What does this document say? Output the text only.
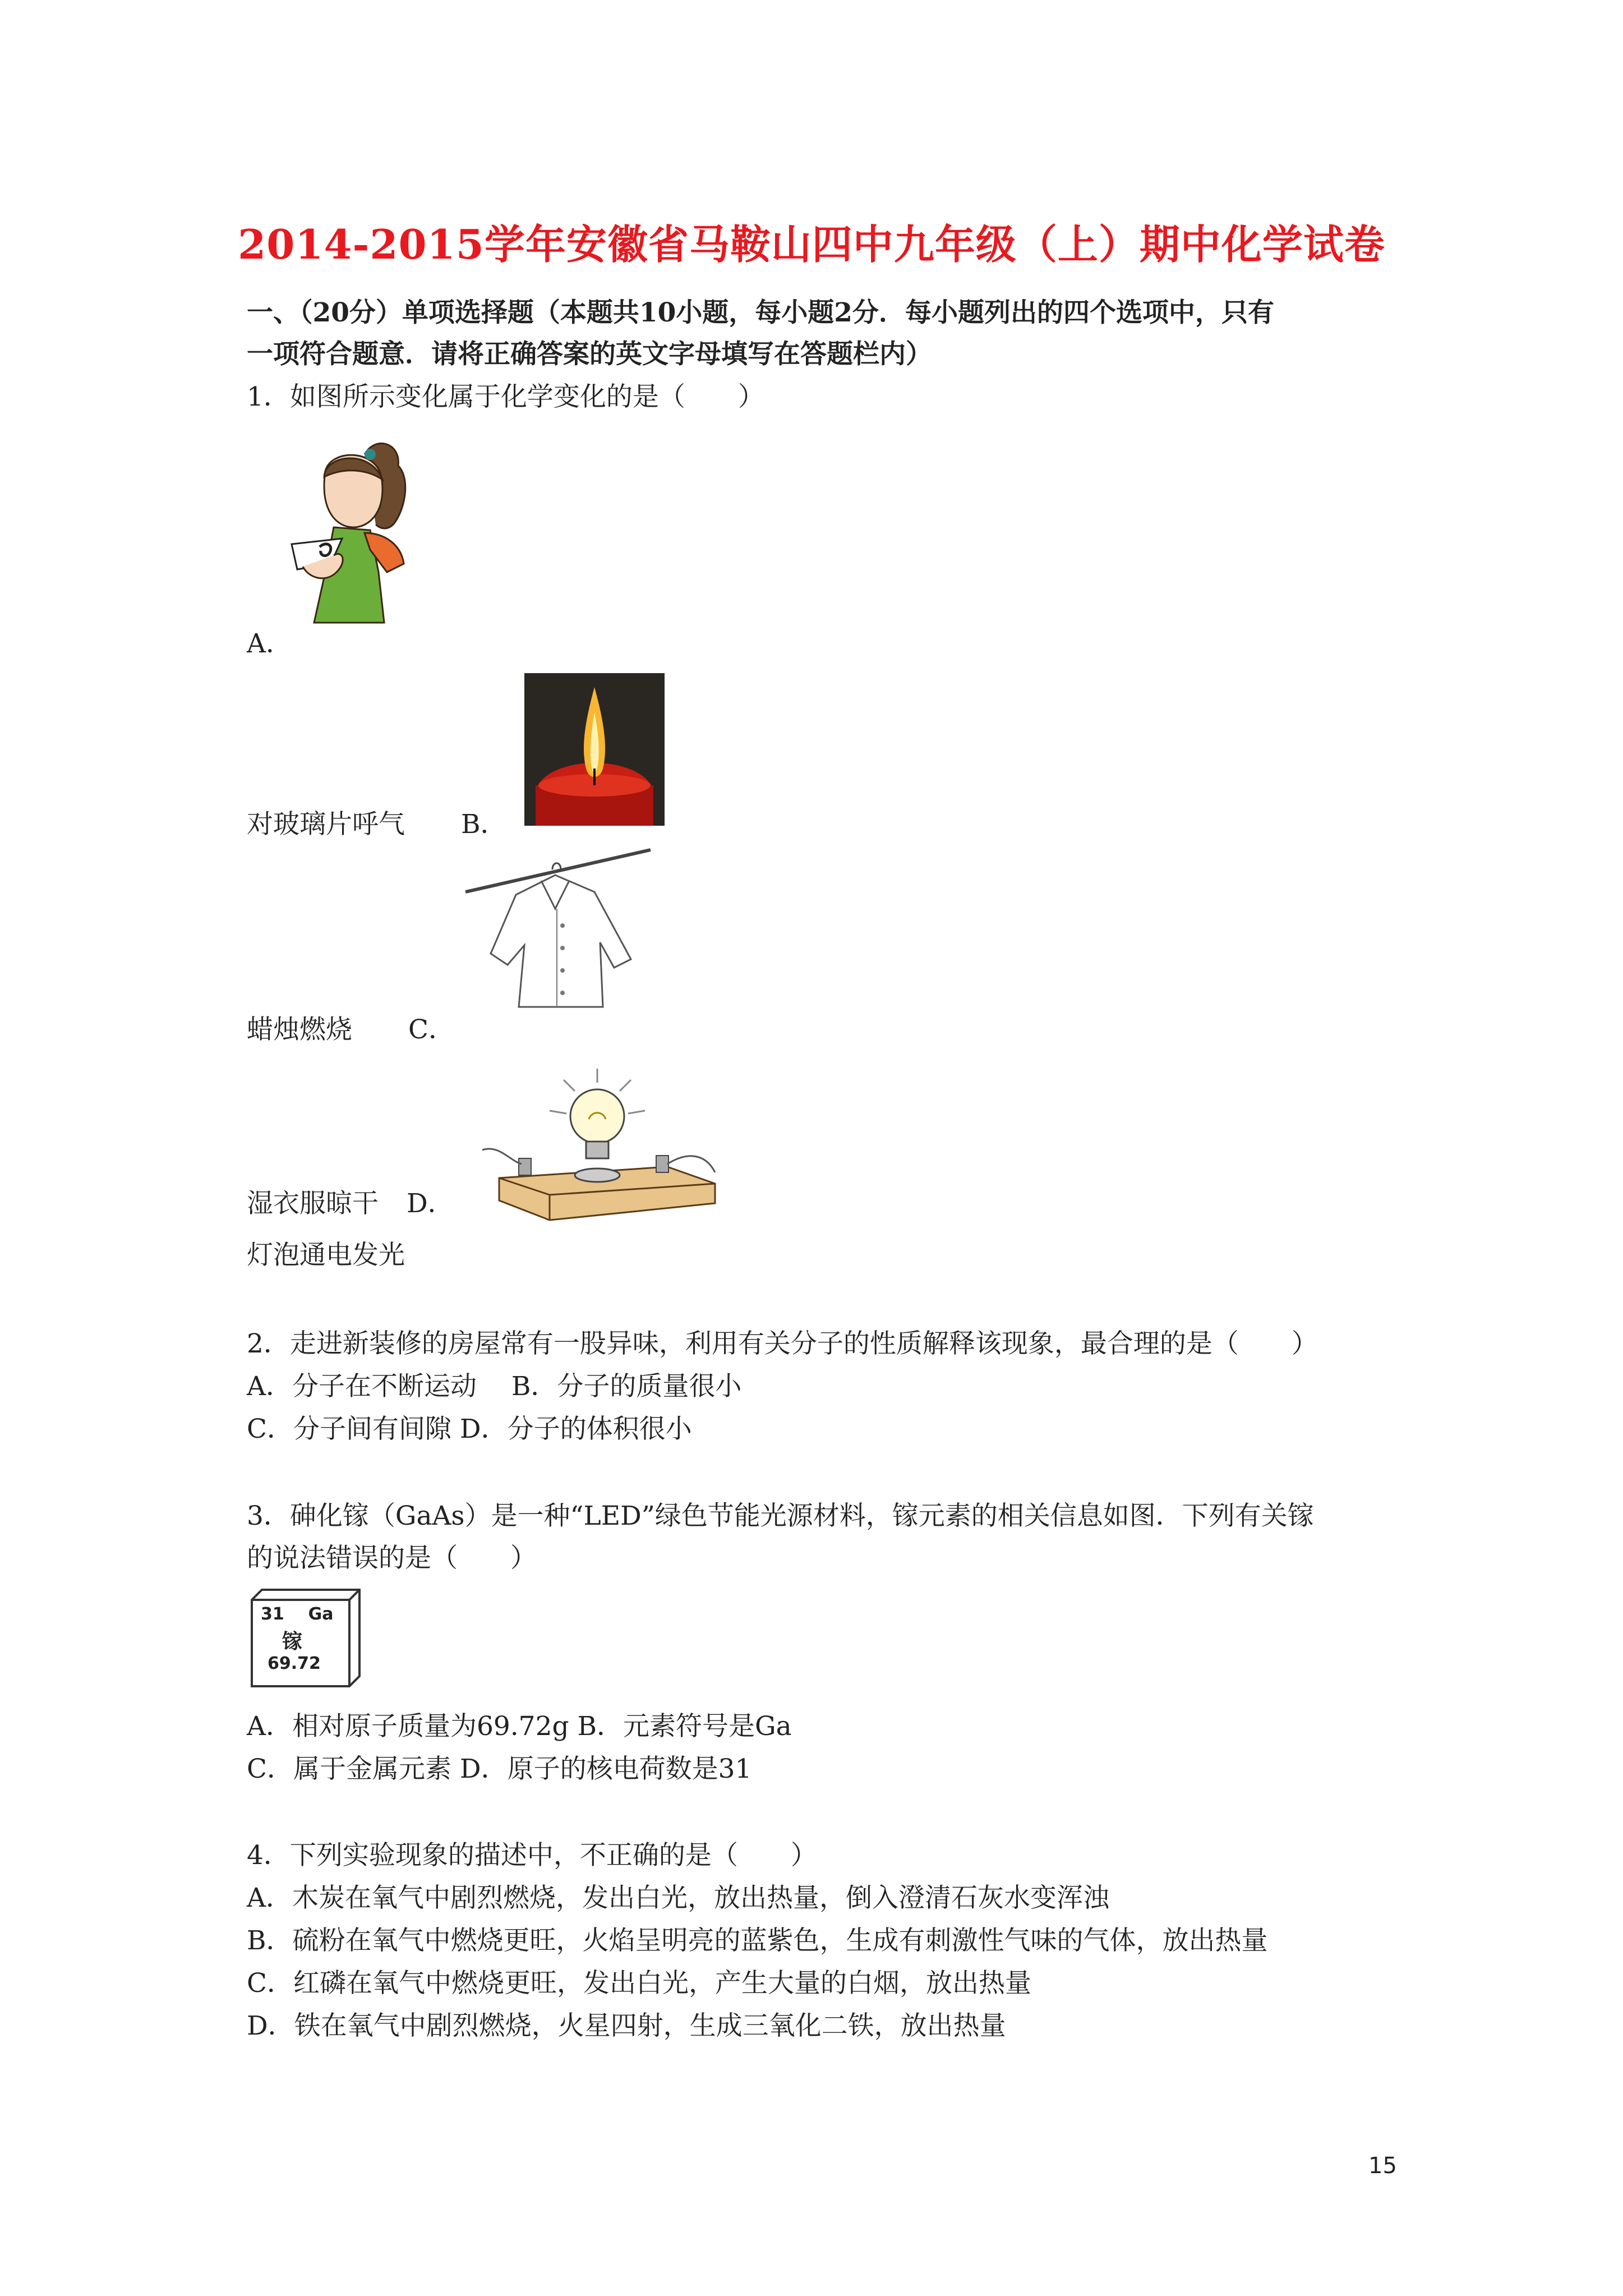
2014-2015学年安徽省马鞍山四中九年级（上）期中化学试卷
一、（20分）单项选择题（本题共10小题，每小题2分．每小题列出的四个选项中，只有
一项符合题意．请将正确答案的英文字母填写在答题栏内）
1．如图所示变化属于化学变化的是（　　）
A．
对玻璃片呼气 B．
蜡烛燃烧 C．
湿衣服晾干 D．
灯泡通电发光
2．走进新装修的房屋常有一股异味，利用有关分子的性质解释该现象，最合理的是（　　）
A．分子在不断运动　 B．分子的质量很小
C．分子间有间隙 D．分子的体积很小
3．砷化镓（GaAs）是一种“LED”绿色节能光源材料，镓元素的相关信息如图．下列有关镓
的说法错误的是（　　）
31 Ga
镓
69.72
A．相对原子质量为69.72g B．元素符号是Ga
C．属于金属元素 D．原子的核电荷数是31
4．下列实验现象的描述中，不正确的是（　　）
A．木炭在氧气中剧烈燃烧，发出白光，放出热量，倒入澄清石灰水变浑浊
B．硫粉在氧气中燃烧更旺，火焰呈明亮的蓝紫色，生成有刺激性气味的气体，放出热量
C．红磷在氧气中燃烧更旺，发出白光，产生大量的白烟，放出热量
D．铁在氧气中剧烈燃烧，火星四射，生成三氧化二铁，放出热量
15
